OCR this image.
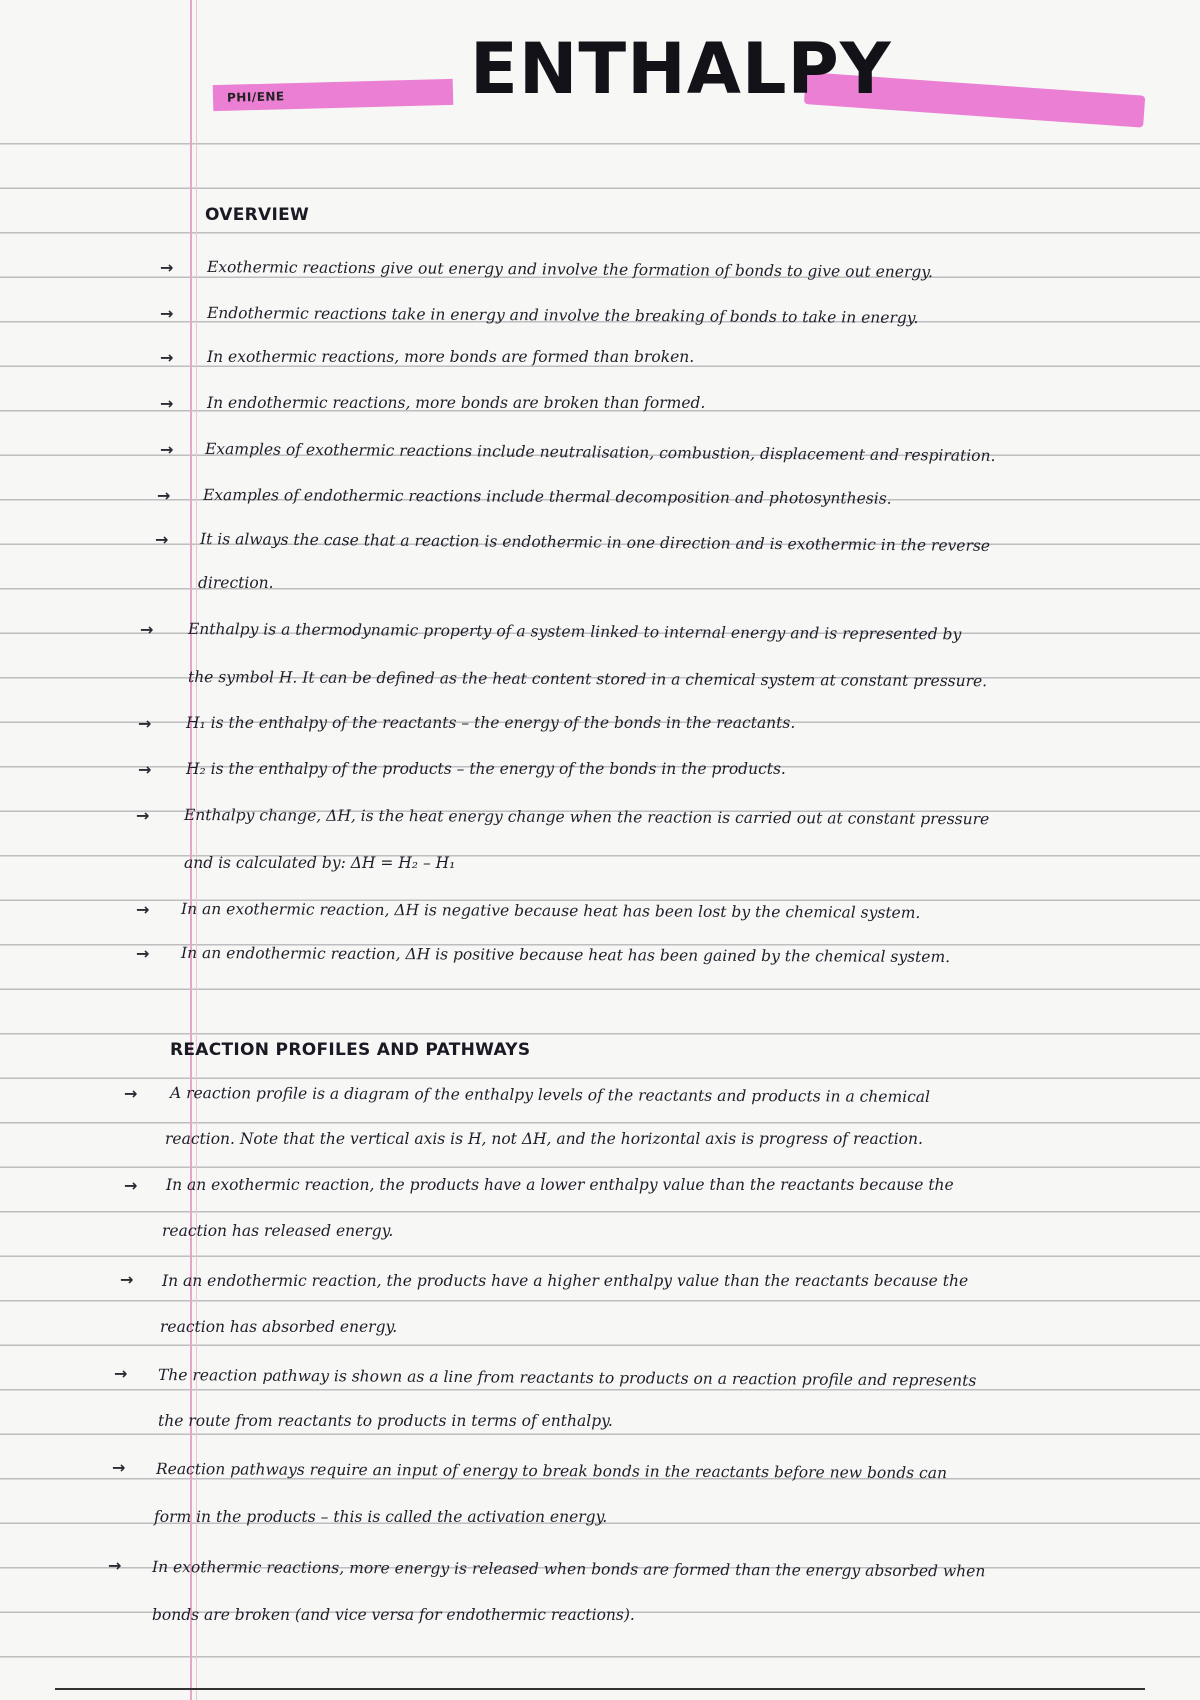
PHI/ENE	ENTHALPY
OVERVIEW
→ Exothermic reactions give out energy and involve the formation of bonds to give out energy.
→ Endothermic reactions take in energy and involve the breaking of bonds to take in energy.
→ In exothermic reactions, more bonds are formed than broken.
→ In endothermic reactions, more bonds are broken than formed.
→ Examples of exothermic reactions include neutralisation, combustion, displacement and respiration.
→ Examples of endothermic reactions include thermal decomposition and photosynthesis.
→ It is always the case that a reaction is endothermic in one direction and is exothermic in the reverse
direction.
→ Enthalpy is a thermodynamic property of a system linked to internal energy and is represented by
the symbol H. It can be defined as the heat content stored in a chemical system at constant pressure.
→ H₁ is the enthalpy of the reactants – the energy of the bonds in the reactants.
→ H₂ is the enthalpy of the products – the energy of the bonds in the products.
→ Enthalpy change, ΔH, is the heat energy change when the reaction is carried out at constant pressure
and is calculated by: ΔH = H₂ – H₁
→ In an exothermic reaction, ΔH is negative because heat has been lost by the chemical system.
→ In an endothermic reaction, ΔH is positive because heat has been gained by the chemical system.
REACTION PROFILES AND PATHWAYS
→ A reaction profile is a diagram of the enthalpy levels of the reactants and products in a chemical
reaction. Note that the vertical axis is H, not ΔH, and the horizontal axis is progress of reaction.
→ In an exothermic reaction, the products have a lower enthalpy value than the reactants because the
reaction has released energy.
→ In an endothermic reaction, the products have a higher enthalpy value than the reactants because the
reaction has absorbed energy.
→ The reaction pathway is shown as a line from reactants to products on a reaction profile and represents
the route from reactants to products in terms of enthalpy.
→ Reaction pathways require an input of energy to break bonds in the reactants before new bonds can
form in the products – this is called the activation energy.
→ In exothermic reactions, more energy is released when bonds are formed than the energy absorbed when
bonds are broken (and vice versa for endothermic reactions).
